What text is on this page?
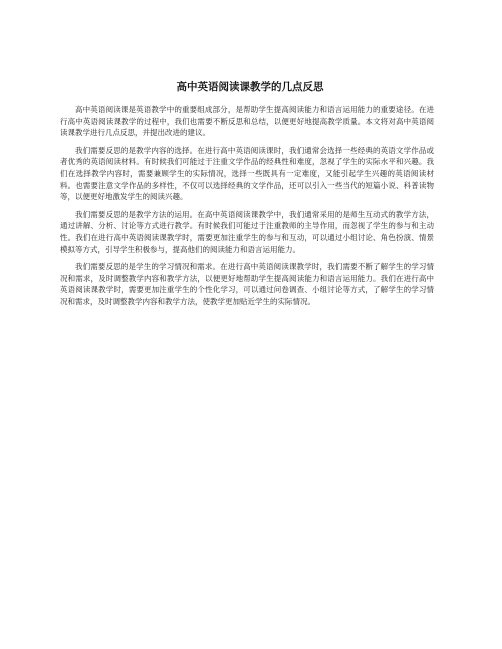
高中英语阅读课教学的几点反思

高中英语阅读课是英语教学中的重要组成部分，是帮助学生提高阅读能力和语言运用能力的重要途径。在进行高中英语阅读课教学的过程中，我们也需要不断反思和总结，以便更好地提高教学质量。本文将对高中英语阅读课教学进行几点反思，并提出改进的建议。

我们需要反思的是教学内容的选择。在进行高中英语阅读课时，我们通常会选择一些经典的英语文学作品或者优秀的英语阅读材料。有时候我们可能过于注重文学作品的经典性和难度，忽视了学生的实际水平和兴趣。我们在选择教学内容时，需要兼顾学生的实际情况，选择一些既具有一定难度，又能引起学生兴趣的英语阅读材料。也需要注意文学作品的多样性，不仅可以选择经典的文学作品，还可以引入一些当代的短篇小说、科普读物等，以便更好地激发学生的阅读兴趣。

我们需要反思的是教学方法的运用。在高中英语阅读课教学中，我们通常采用的是师生互动式的教学方法，通过讲解、分析、讨论等方式进行教学。有时候我们可能过于注重教师的主导作用，而忽视了学生的参与和主动性。我们在进行高中英语阅读课教学时，需要更加注重学生的参与和互动，可以通过小组讨论、角色扮演、情景模拟等方式，引导学生积极参与，提高他们的阅读能力和语言运用能力。

我们需要反思的是学生的学习情况和需求。在进行高中英语阅读课教学时，我们需要不断了解学生的学习情况和需求，及时调整教学内容和教学方法，以便更好地帮助学生提高阅读能力和语言运用能力。我们在进行高中英语阅读课教学时，需要更加注重学生的个性化学习，可以通过问卷调查、小组讨论等方式，了解学生的学习情况和需求，及时调整教学内容和教学方法，使教学更加贴近学生的实际情况。
